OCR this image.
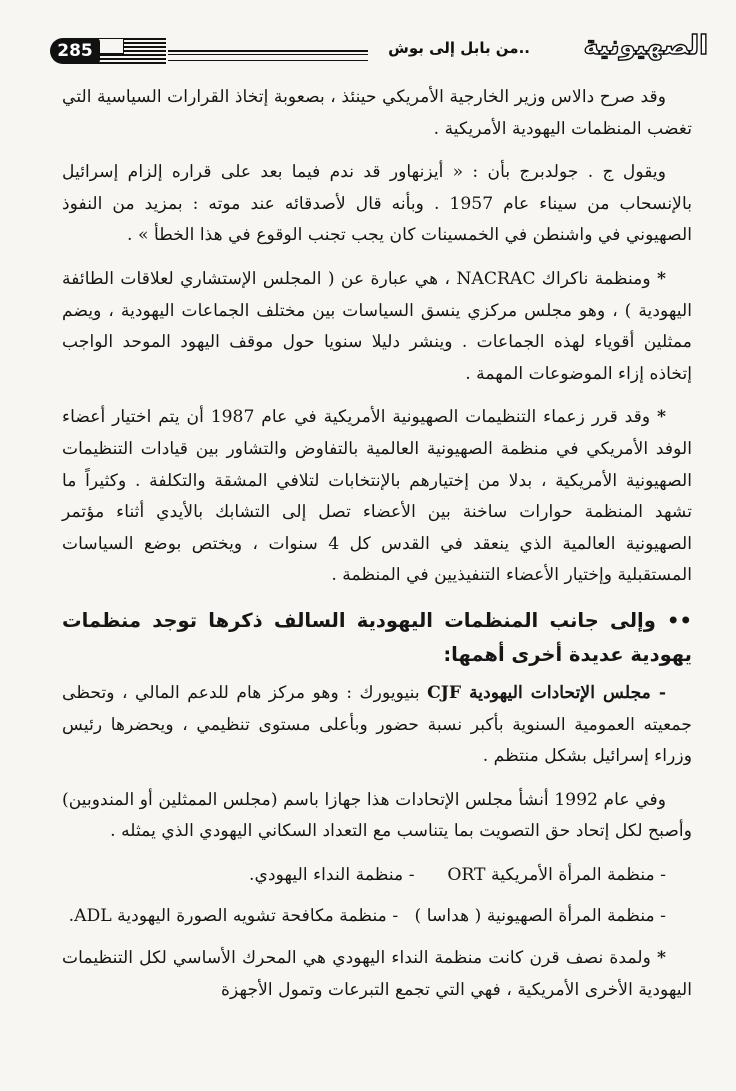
الصهيونية
..من بابل إلى بوش
285

وقد صرح دالاس وزير الخارجية الأمريكي حينئذ ، بصعوبة إتخاذ القرارات السياسية التي تغضب المنظمات اليهودية الأمريكية .

ويقول ج . جولدبرج بأن : « أيزنهاور قد ندم فيما بعد على قراره إلزام إسرائيل بالإنسحاب من سيناء عام 1957 . وبأنه قال لأصدقائه عند موته : بمزيد من النفوذ الصهيوني في واشنطن في الخمسينات كان يجب تجنب الوقوع في هذا الخطأ » .

* ومنظمة ناكراك NACRAC ، هي عبارة عن ( المجلس الإستشاري لعلاقات الطائفة اليهودية ) ، وهو مجلس مركزي ينسق السياسات بين مختلف الجماعات اليهودية ، ويضم ممثلين أقوياء لهذه الجماعات . وينشر دليلا سنويا حول موقف اليهود الموحد الواجب إتخاذه إزاء الموضوعات المهمة .

* وقد قرر زعماء التنظيمات الصهيونية الأمريكية في عام 1987 أن يتم اختيار أعضاء الوفد الأمريكي في منظمة الصهيونية العالمية بالتفاوض والتشاور بين قيادات التنظيمات الصهيونية الأمريكية ، بدلا من إختيارهم بالإنتخابات لتلافي المشقة والتكلفة . وكثيراً ما تشهد المنظمة حوارات ساخنة بين الأعضاء تصل إلى التشابك بالأيدي أثناء مؤتمر الصهيونية العالمية الذي ينعقد في القدس كل 4 سنوات ، ويختص بوضع السياسات المستقبلية وإختيار الأعضاء التنفيذيين في المنظمة .

•• وإلى جانب المنظمات اليهودية السالف ذكرها توجد منظمات يهودية عديدة أخرى أهمها:

- مجلس الإتحادات اليهودية CJF بنيويورك : وهو مركز هام للدعم المالي ، وتحظى جمعيته العمومية السنوية بأكبر نسبة حضور وبأعلى مستوى تنظيمي ، ويحضرها رئيس وزراء إسرائيل بشكل منتظم .

وفي عام 1992 أنشأ مجلس الإتحادات هذا جهازا باسم (مجلس الممثلين أو المندوبين) وأصبح لكل إتحاد حق التصويت بما يتناسب مع التعداد السكاني اليهودي الذي يمثله .

- منظمة المرأة الأمريكية ORT      - منظمة النداء اليهودي.

- منظمة المرأة الصهيونية ( هداسا )   - منظمة مكافحة تشويه الصورة اليهودية ADL.

* ولمدة نصف قرن كانت منظمة النداء اليهودي هي المحرك الأساسي لكل التنظيمات اليهودية الأخرى الأمريكية ، فهي التي تجمع التبرعات وتمول الأجهزة
